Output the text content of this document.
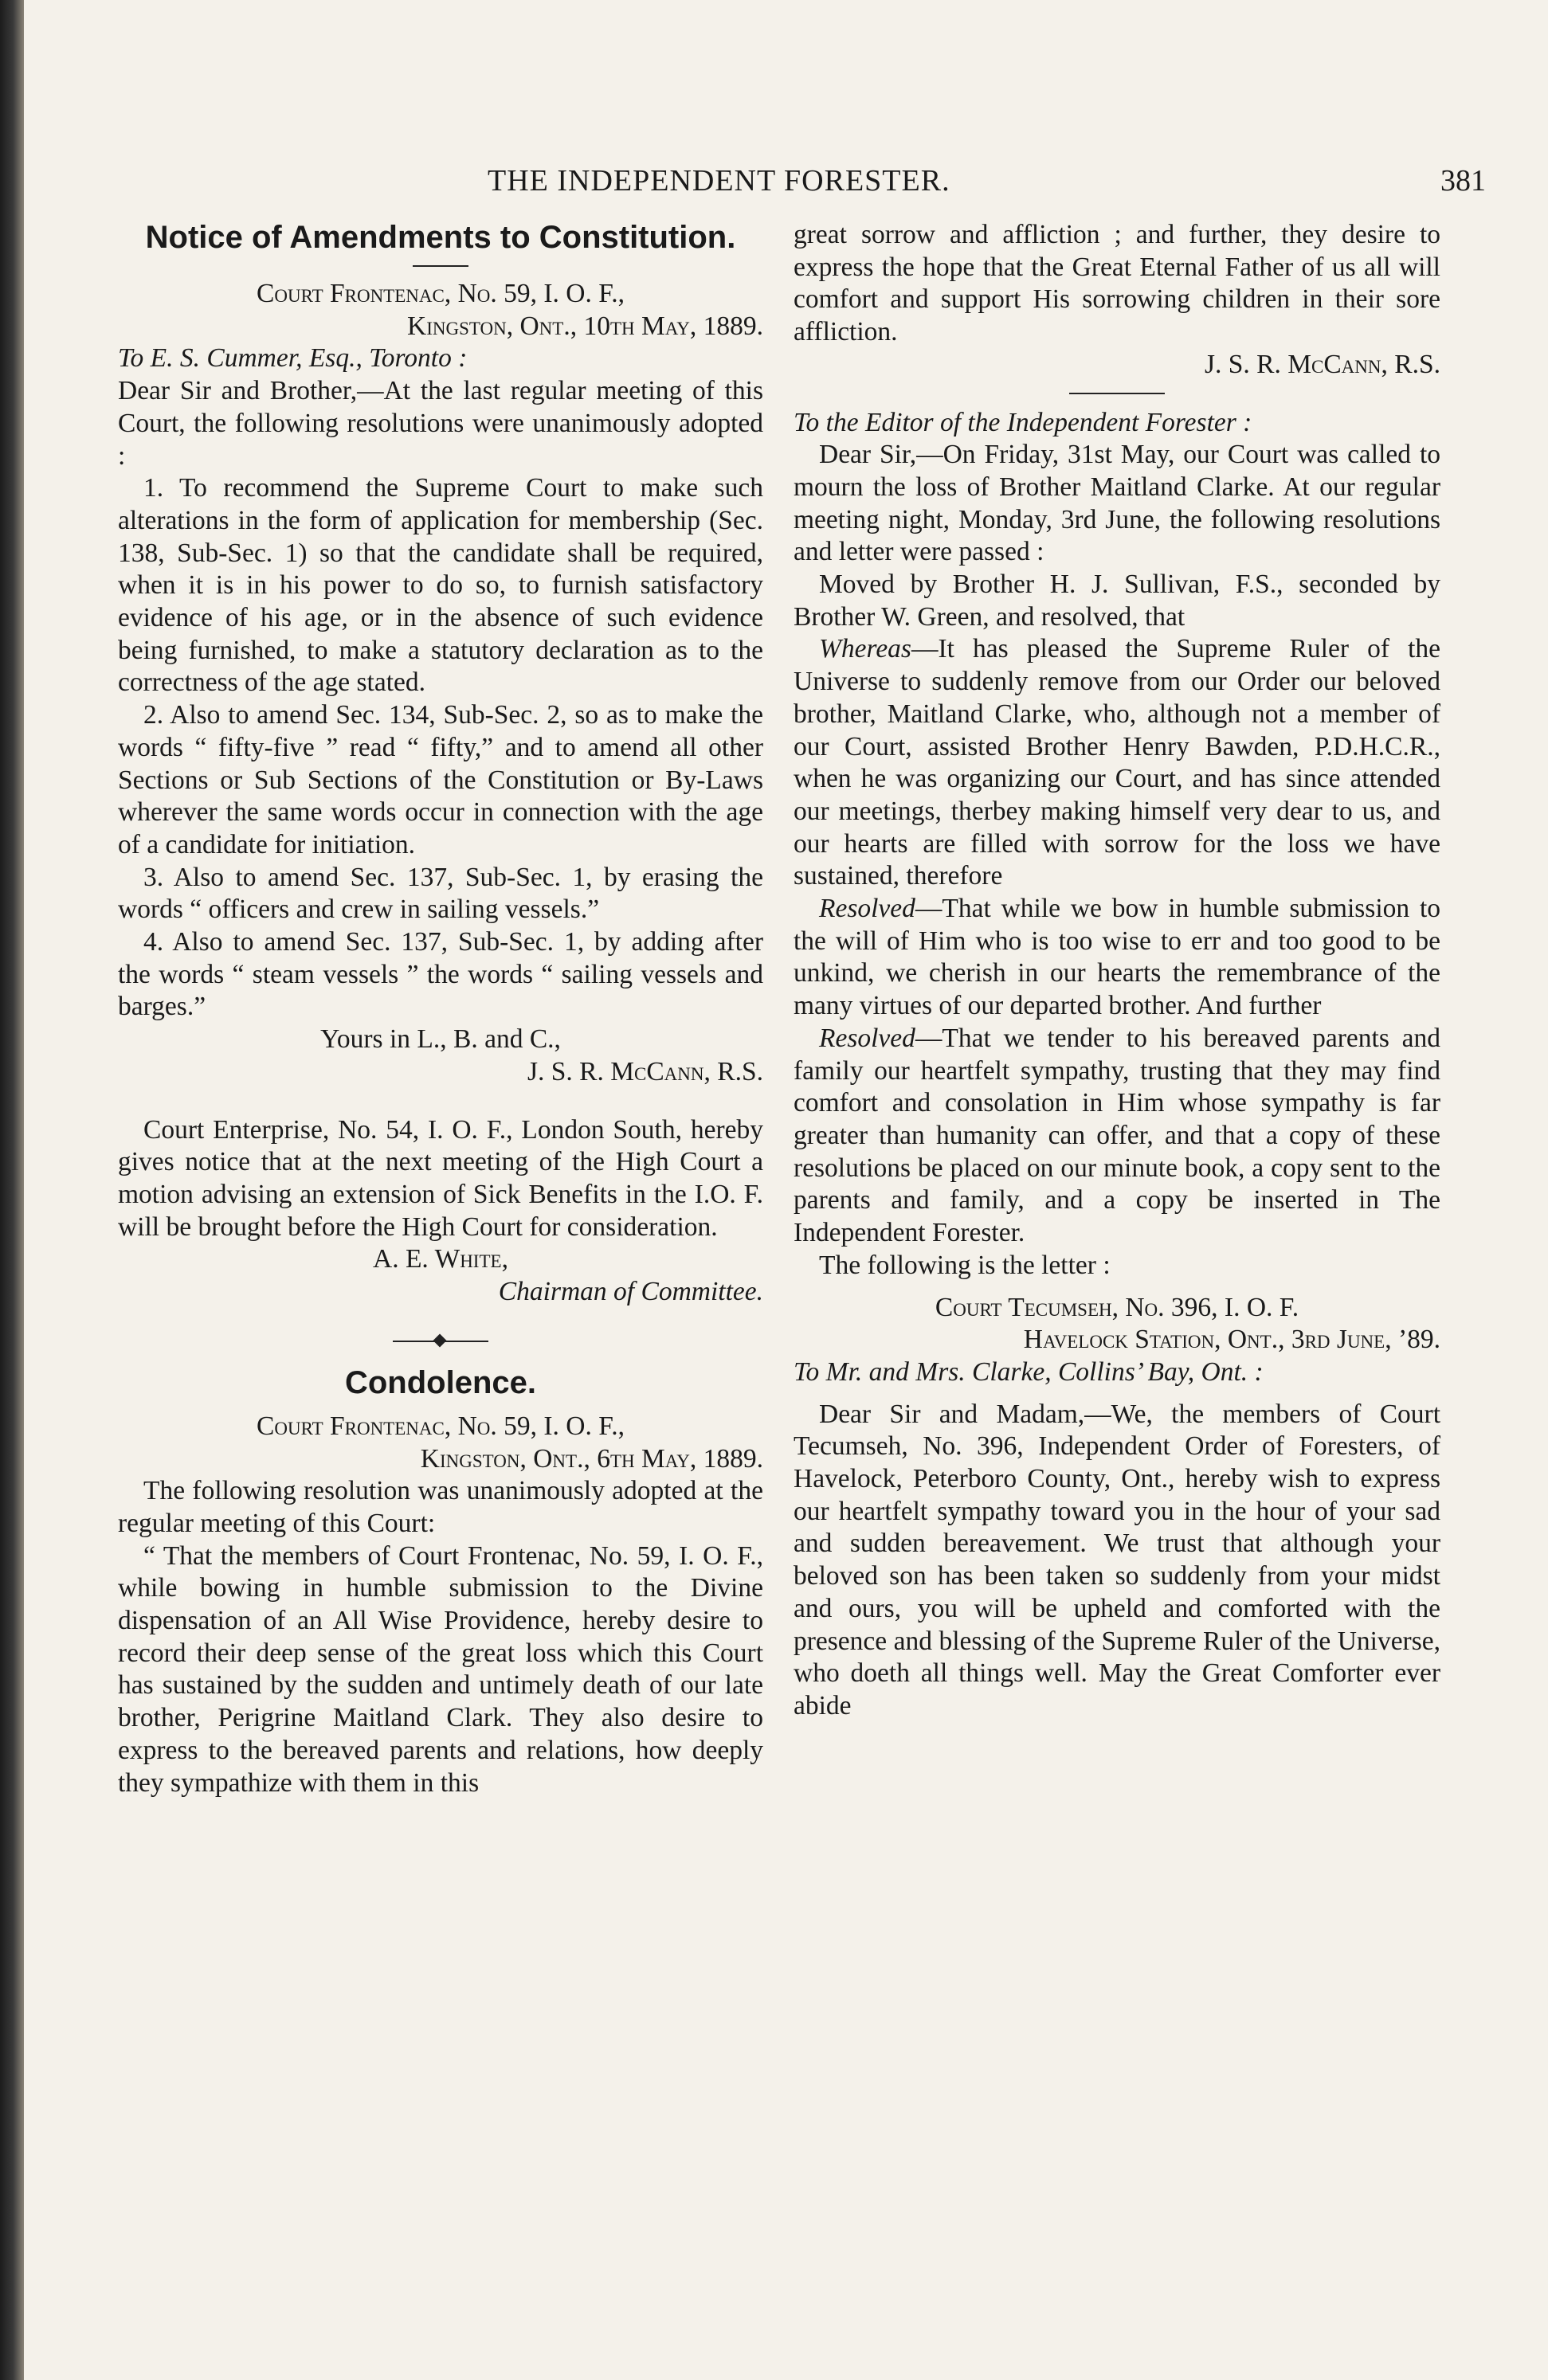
THE INDEPENDENT FORESTER.	381
Notice of Amendments to Constitution.

Court Frontenac, No. 59, I. O. F.,

Kingston, Ont., 10th May, 1889.

To E. S. Cummer, Esq., Toronto :

Dear Sir and Brother,—At the last regular meeting of this Court, the following resolutions were unanimously adopted :

1. To recommend the Supreme Court to make such alterations in the form of application for membership (Sec. 138, Sub-Sec. 1) so that the candidate shall be required, when it is in his power to do so, to furnish satisfactory evidence of his age, or in the absence of such evidence being furnished, to make a statutory declaration as to the correctness of the age stated.

2. Also to amend Sec. 134, Sub-Sec. 2, so as to make the words “ fifty-five ” read “ fifty,” and to amend all other Sections or Sub Sections of the Constitution or By-Laws wherever the same words occur in connection with the age of a candidate for initiation.

3. Also to amend Sec. 137, Sub-Sec. 1, by erasing the words “ officers and crew in sailing vessels.”

4. Also to amend Sec. 137, Sub-Sec. 1, by adding after the words “ steam vessels ” the words “ sailing vessels and barges.”

Yours in L., B. and C.,

J. S. R. McCann, R.S.

Court Enterprise, No. 54, I. O. F., London South, hereby gives notice that at the next meeting of the High Court a motion advising an extension of Sick Benefits in the I.O. F. will be brought before the High Court for consideration.

A. E. White,

Chairman of Committee.

Condolence.

Court Frontenac, No. 59, I. O. F.,

Kingston, Ont., 6th May, 1889.

The following resolution was unanimously adopted at the regular meeting of this Court:

“ That the members of Court Frontenac, No. 59, I. O. F., while bowing in humble submission to the Divine dispensation of an All Wise Providence, hereby desire to record their deep sense of the great loss which this Court has sustained by the sudden and untimely death of our late brother, Perigrine Maitland Clark. They also desire to express to the bereaved parents and relations, how deeply they sympathize with them in this

great sorrow and affliction ; and further, they desire to express the hope that the Great Eternal Father of us all will comfort and support His sorrowing children in their sore affliction.

J. S. R. McCann, R.S.

To the Editor of the Independent Forester :

Dear Sir,—On Friday, 31st May, our Court was called to mourn the loss of Brother Maitland Clarke. At our regular meeting night, Monday, 3rd June, the following resolutions and letter were passed :

Moved by Brother H. J. Sullivan, F.S., seconded by Brother W. Green, and resolved, that

Whereas—It has pleased the Supreme Ruler of the Universe to suddenly remove from our Order our beloved brother, Maitland Clarke, who, although not a member of our Court, assisted Brother Henry Bawden, P.D.H.C.R., when he was organizing our Court, and has since attended our meetings, therbey making himself very dear to us, and our hearts are filled with sorrow for the loss we have sustained, therefore

Resolved—That while we bow in humble submission to the will of Him who is too wise to err and too good to be unkind, we cherish in our hearts the remembrance of the many virtues of our departed brother. And further

Resolved—That we tender to his bereaved parents and family our heartfelt sympathy, trusting that they may find comfort and consolation in Him whose sympathy is far greater than humanity can offer, and that a copy of these resolutions be placed on our minute book, a copy sent to the parents and family, and a copy be inserted in The Independent Forester.

The following is the letter :

Court Tecumseh, No. 396, I. O. F.

Havelock Station, Ont., 3rd June, ’89.

To Mr. and Mrs. Clarke, Collins’ Bay, Ont. :

Dear Sir and Madam,—We, the members of Court Tecumseh, No. 396, Independent Order of Foresters, of Havelock, Peterboro County, Ont., hereby wish to express our heartfelt sympathy toward you in the hour of your sad and sudden bereavement. We trust that although your beloved son has been taken so suddenly from your midst and ours, you will be upheld and comforted with the presence and blessing of the Supreme Ruler of the Universe, who doeth all things well. May the Great Comforter ever abide
